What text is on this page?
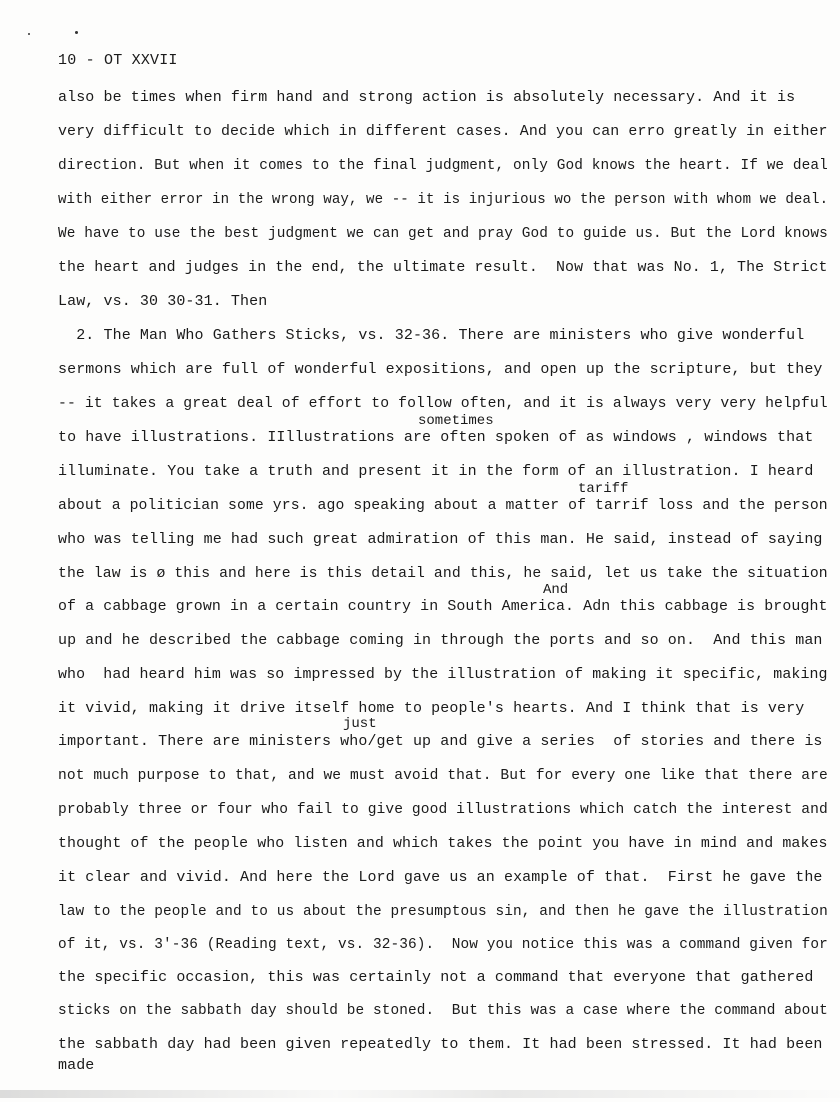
10 - OT XXVII
also be times when firm hand and strong action is absolutely necessary. And it is
very difficult to decide which in different cases. And you can erro greatly in either
direction. But when it comes to the final judgment, only God knows the heart. If we deal
with either error in the wrong way, we -- it is injurious wo the person with whom we deal.
We have to use the best judgment we can get and pray God to guide us. But the Lord knows
the heart and judges in the end, the ultimate result.  Now that was No. 1, The Strict
Law, vs. 30 30-31. Then
2. The Man Who Gathers Sticks, vs. 32-36. There are ministers who give wonderful
sermons which are full of wonderful expositions, and open up the scripture, but they
-- it takes a great deal of effort to follow often, and it is always very very helpful
sometimes
to have illustrations. IIllustrations are often spoken of as windows , windows that
illuminate. You take a truth and present it in the form of an illustration. I heard
tariff
about a politician some yrs. ago speaking about a matter of tarrif loss and the person
who was telling me had such great admiration of this man. He said, instead of saying
the law is ø this and here is this detail and this, he said, let us take the situation
And
of a cabbage grown in a certain country in South America. Adn this cabbage is brought
up and he described the cabbage coming in through the ports and so on.  And this man
who  had heard him was so impressed by the illustration of making it specific, making
it vivid, making it drive itself home to people's hearts. And I think that is very
just
important. There are ministers who/get up and give a series  of stories and there is
not much purpose to that, and we must avoid that. But for every one like that there are
probably three or four who fail to give good illustrations which catch the interest and
thought of the people who listen and which takes the point you have in mind and makes
it clear and vivid. And here the Lord gave us an example of that.  First he gave the
law to the people and to us about the presumptous sin, and then he gave the illustration
of it, vs. 3'-36 (Reading text, vs. 32-36).  Now you notice this was a command given for
the specific occasion, this was certainly not a command that everyone that gathered
sticks on the sabbath day should be stoned.  But this was a case where the command about
the sabbath day had been given repeatedly to them. It had been stressed. It had been
made
